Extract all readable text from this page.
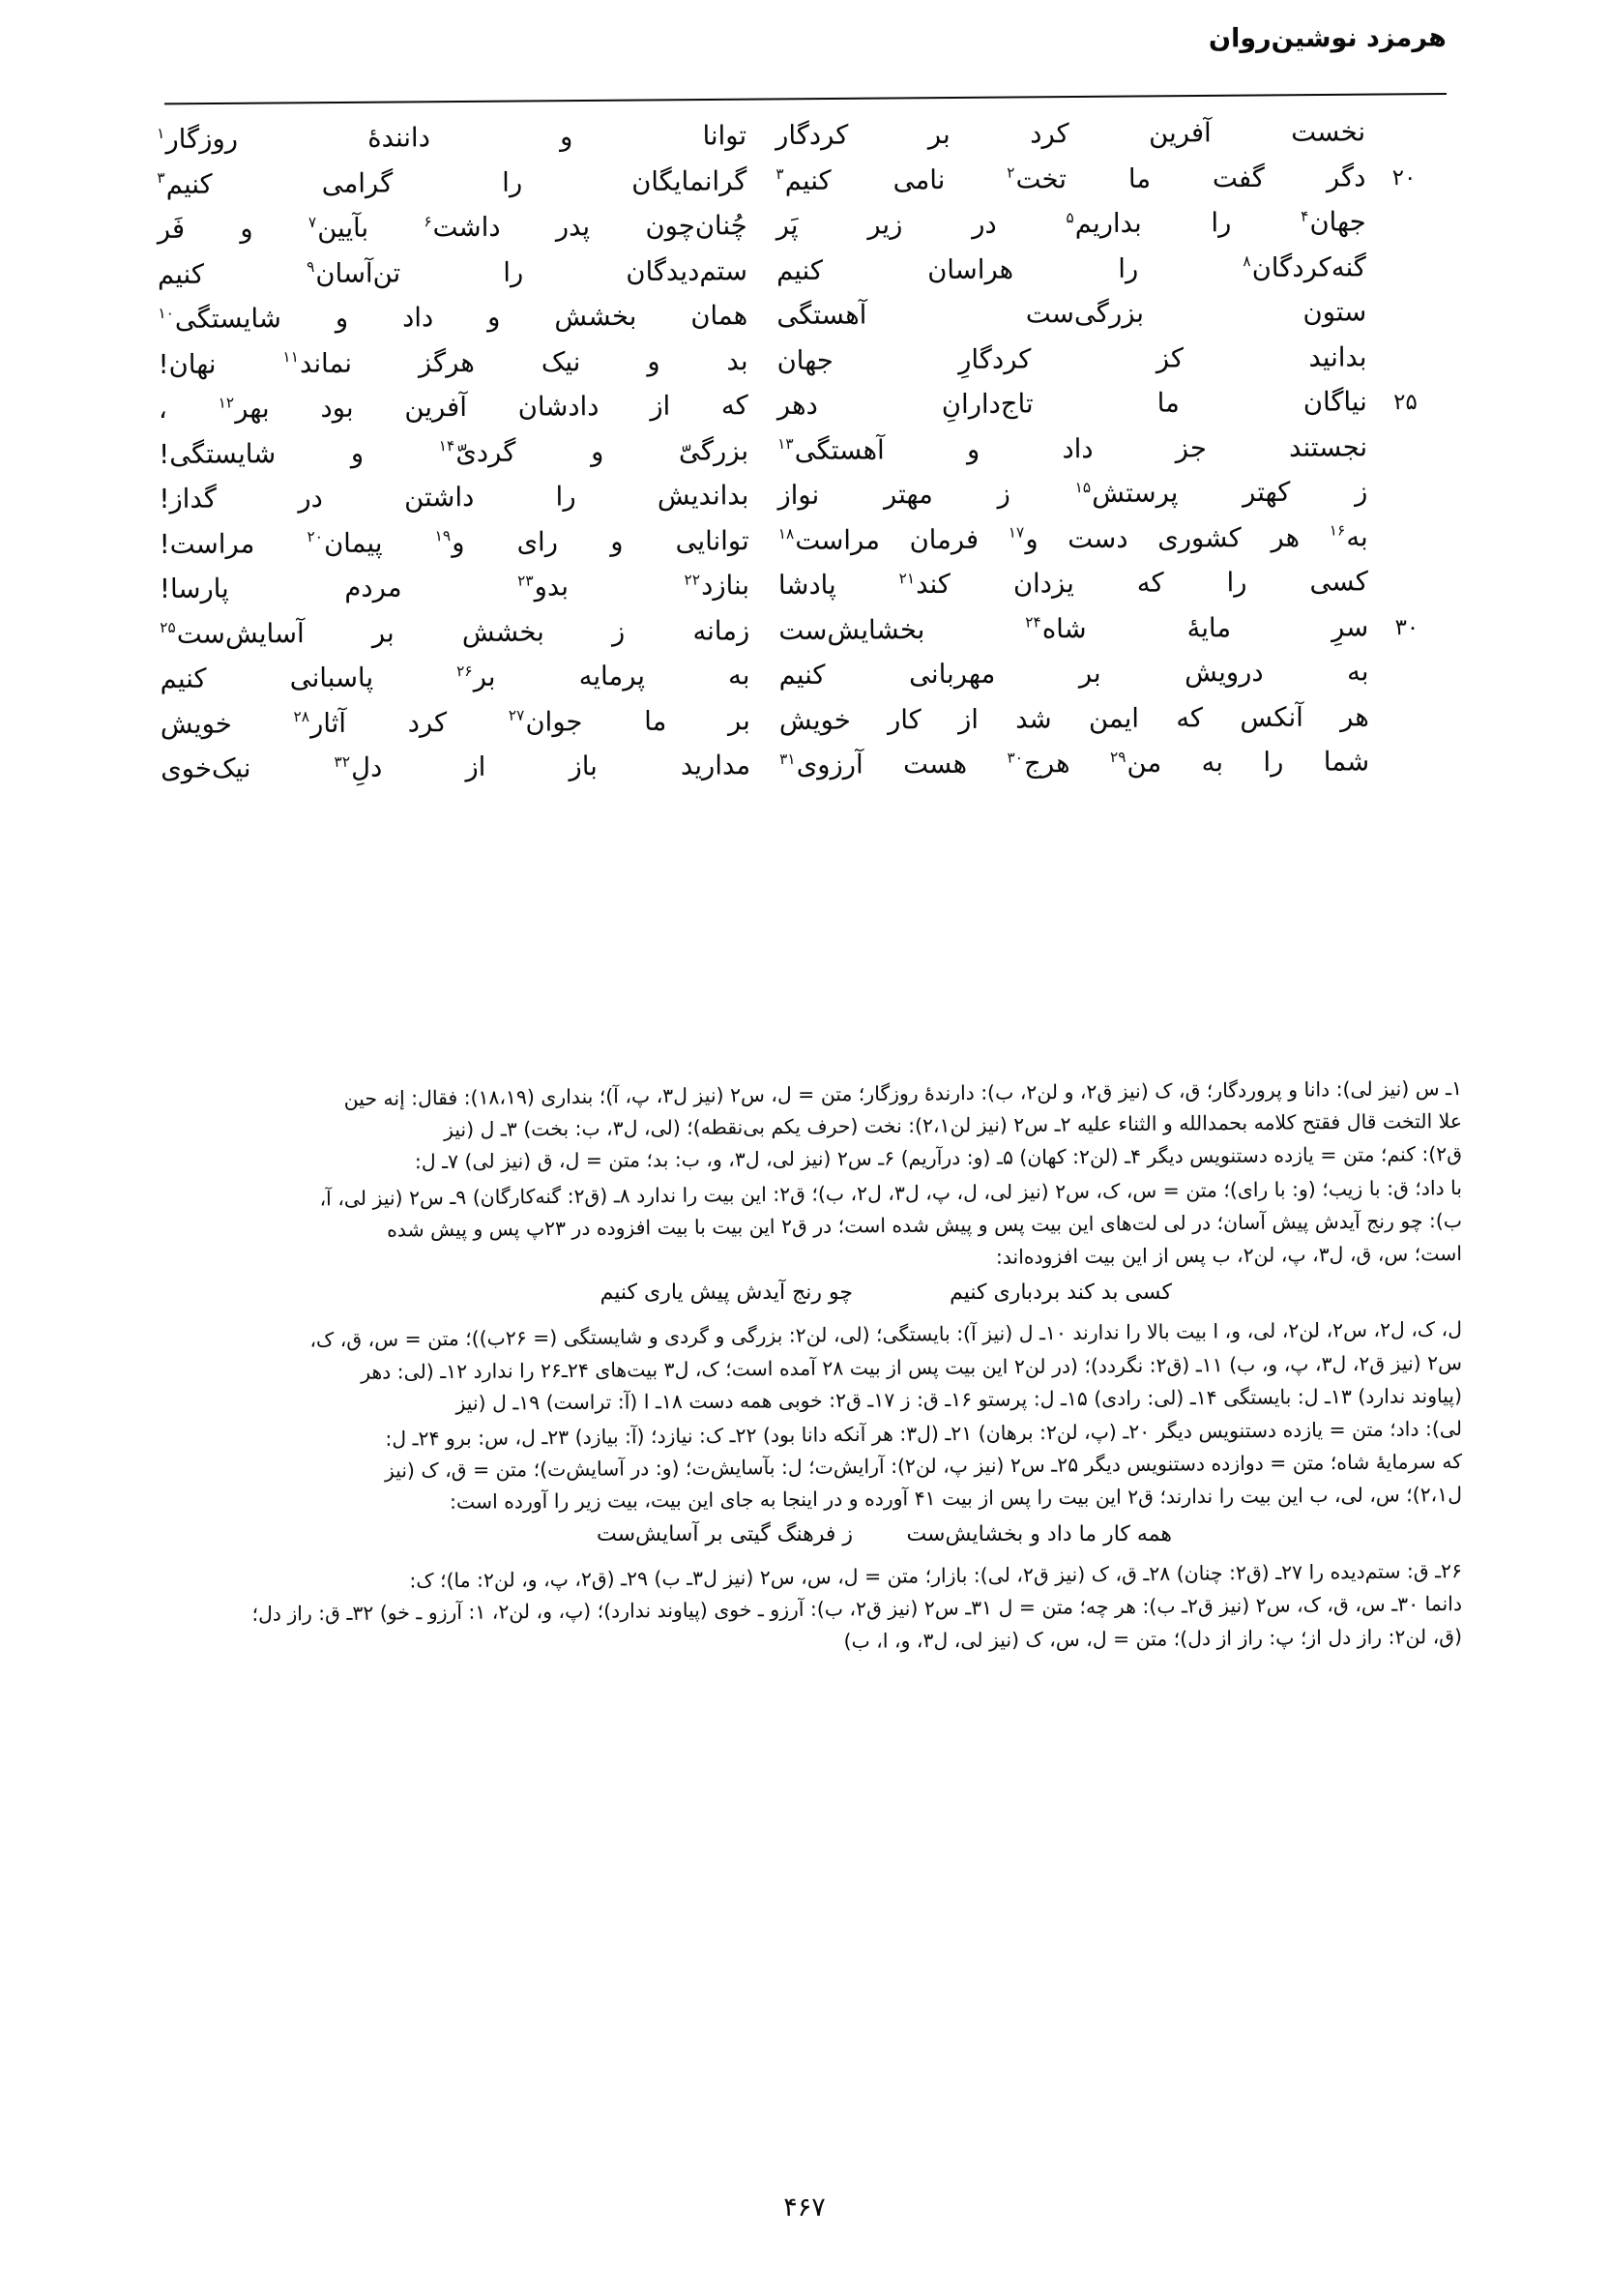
هرمزد نوشین‌روان
نخست
آفرین
کرد
بر
کردگار
توانا
و
دانندهٔ
روزگار$^۱$
۲۰
دگر
گفت
ما
تخت$^۲$
نامی
کنیم$^۳$
گرانمایگان
را
گرامی
کنیم$^۳$
جهان$^۴$
را
بداریم$^۵$
در
زیر
پَر
چُنان‌چون
پدر
داشت$^۶$
بآیین$^۷$
و
فَر
گنه‌کردگان$^۸$
را
هراسان
کنیم
ستم‌دیدگان
را
تن‌آسان$^۹$
کنیم
ستون
بزرگی‌ست
آهستگی
همان
بخشش
و
داد
و
شایستگی$^{۱۰}$
بدانید
کز
کردگارِ
جهان
بد
و
نیک
هرگز
نماند$^{۱۱}$
نهان!
۲۵
نیاگان
ما
تاج‌دارانِ
دهر
که
از
دادشان
آفرین
بود
بهر$^{۱۲}$
،
نجستند
جز
داد
و
آهستگی$^{۱۳}$
بزرگیّ
و
گردیّ$^{۱۴}$
و
شایستگی!
ز
کهتر
پرستش$^{۱۵}$
ز
مهتر
نواز
بداندیش
را
داشتن
در
گداز!
به$^{۱۶}$
هر
کشوری
دست
و$^{۱۷}$
فرمان
مراست$^{۱۸}$
توانایی
و
رای
و$^{۱۹}$
پیمان$^{۲۰}$
مراست!
کسی
را
که
یزدان
کند$^{۲۱}$
پادشا
بنازد$^{۲۲}$
بدو$^{۲۳}$
مردم
پارسا!
۳۰
سرِ
مایهٔ
شاه$^{۲۴}$
بخشایش‌ست
زمانه
ز
بخشش
بر
آسایش‌ست$^{۲۵}$
به
درویش
بر
مهربانی
کنیم
به
پرمایه
بر$^{۲۶}$
پاسبانی
کنیم
هر
آنکس
که
ایمن
شد
از
کار
خویش
بر
ما
جوان$^{۲۷}$
کرد
آثار$^{۲۸}$
خویش
شما
را
به
من$^{۲۹}$
هرج$^{۳۰}$
هست
آرزوی$^{۳۱}$
مدارید
باز
از
دلِ$^{۳۲}$
نیک‌خوی
۱ـ س (نیز لی): دانا و پروردگار؛ ق، ک (نیز ق۲، و لن۲، ب): دارندهٔ روزگار؛ متن = ل، س۲ (نیز ل۳، پ، آ)؛ بنداری (۱۸،۱۹): فقال: إنه حین
علا التخت قال فقتح کلامه بحمدالله و الثناء علیه ۲ـ س۲ (نیز لن۲،۱): نخت (حرف یکم بی‌نقطه)؛ (لی، ل۳، ب: بخت) ۳ـ ل (نیز
ق۲): کنم؛ متن = یازده دستنویس دیگر ۴ـ (لن۲: کهان) ۵ـ (و: درآریم) ۶ـ س۲ (نیز لی، ل۳، و، ب: بد؛ متن = ل، ق (نیز لی) ۷ـ ل:
با داد؛ ق: با زیب؛ (و: با رای)؛ متن = س، ک، س۲ (نیز لی، ل، پ، ل۳، ل۲، ب)؛ ق۲: این بیت را ندارد ۸ـ (ق۲: گنه‌کارگان) ۹ـ س۲ (نیز لی، آ،
ب): چو رنج آیدش پیش آسان؛ در لی لت‌های این بیت پس و پیش شده است؛ در ق۲ این بیت با بیت افزوده در ۲۳پ پس و پیش شده
است؛ س، ق، ل۳، پ، لن۲، ب پس از این بیت افزوده‌اند:
کسی بد کند بردباری کنیم
چو رنج آیدش پیش یاری کنیم
ل، ک، ل۲، س۲، لن۲، لی، و، ا بیت بالا را ندارند ۱۰ـ ل (نیز آ): بایستگی؛ (لی، لن۲: بزرگی و گردی و شایستگی (= ۲۶ب))؛ متن = س، ق، ک،
س۲ (نیز ق۲، ل۳، پ، و، ب) ۱۱ـ (ق۲: نگردد)؛ (در لن۲ این بیت پس از بیت ۲۸ آمده است؛ ک، ل۳ بیت‌های ۲۴ـ۲۶ را ندارد ۱۲ـ (لی: دهر
(پیاوند ندارد) ۱۳ـ ل: بایستگی ۱۴ـ (لی: رادی) ۱۵ـ ل: پرستو ۱۶ـ ق: ز ۱۷ـ ق۲: خوبی همه دست ۱۸ـ ا (آ: تراست) ۱۹ـ ل (نیز
لی): داد؛ متن = یازده دستنویس دیگر ۲۰ـ (پ، لن۲: برهان) ۲۱ـ (ل۳: هر آنکه دانا بود) ۲۲ـ ک: نیازد؛ (آ: بیازد) ۲۳ـ ل، س: برو ۲۴ـ ل:
که سرمایهٔ شاه؛ متن = دوازده دستنویس دیگر ۲۵ـ س۲ (نیز پ، لن۲): آرایش‌ت؛ ل: بآسایش‌ت؛ (و: در آسایش‌ت)؛ متن = ق، ک (نیز
ل۲،۱)؛ س، لی، ب این بیت را ندارند؛ ق۲ این بیت را پس از بیت ۴۱ آورده و در اینجا به جای این بیت، بیت زیر را آورده است:
همه کار ما داد و بخشایش‌ست
ز فرهنگ گیتی بر آسایش‌ست
۲۶ـ ق: ستم‌دیده را ۲۷ـ (ق۲: چنان) ۲۸ـ ق، ک (نیز ق۲، لی): بازار؛ متن = ل، س، س۲ (نیز ل۳ـ ب) ۲۹ـ (ق۲، پ، و، لن۲: ما)؛ ک:
دانما ۳۰ـ س، ق، ک، س۲ (نیز ق۲ـ ب): هر چه؛ متن = ل ۳۱ـ س۲ (نیز ق۲، ب): آرزو ـ خوی (پیاوند ندارد)؛ (پ، و، لن۲، ۱: آرزو ـ خو) ۳۲ـ ق: راز دل؛
(ق، لن۲: راز دل از؛ پ: راز از دل)؛ متن = ل، س، ک (نیز لی، ل۳، و، ا، ب)
۴۶۷
